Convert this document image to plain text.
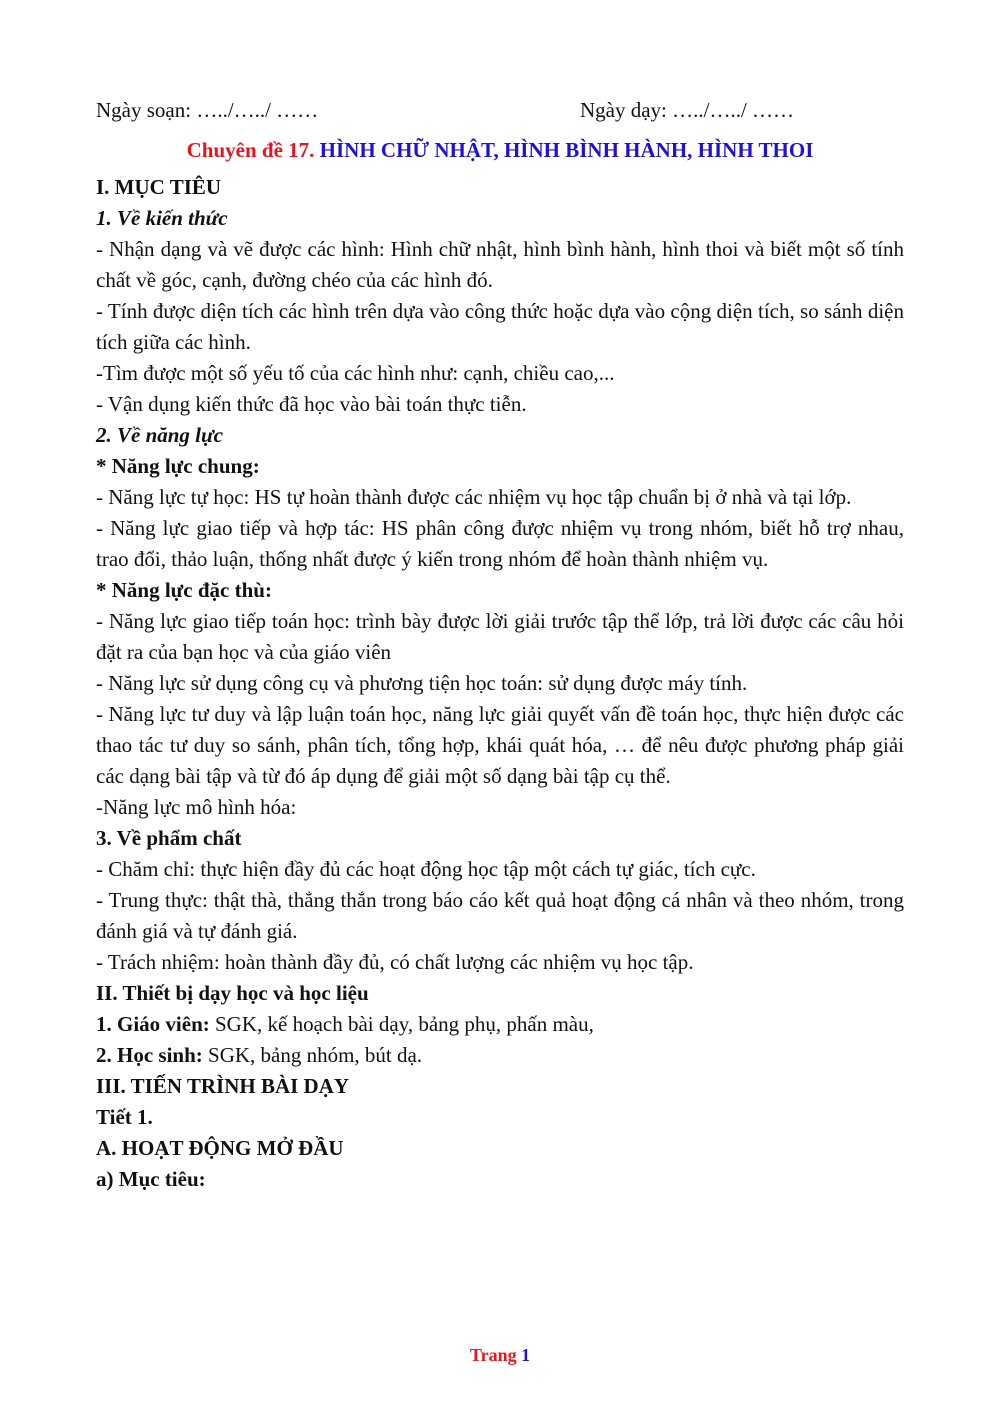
Ngày soạn: …../…../ ……	Ngày dạy: …../…../ ……
Chuyên đề 17. HÌNH CHỮ NHẬT, HÌNH BÌNH HÀNH, HÌNH THOI

I. MỤC TIÊU

1. Về kiến thức

- Nhận dạng và vẽ được các hình: Hình chữ nhật, hình bình hành, hình thoi và biết một số tính chất về góc, cạnh, đường chéo của các hình đó.

- Tính được diện tích các hình trên dựa vào công thức hoặc dựa vào cộng diện tích, so sánh diện tích giữa các hình.

-Tìm được một số yếu tố của các hình như: cạnh, chiều cao,...

- Vận dụng kiến thức đã học vào bài toán thực tiễn.

2. Về năng lực

* Năng lực chung:

- Năng lực tự học: HS tự hoàn thành được các nhiệm vụ học tập chuẩn bị ở nhà và tại lớp.

- Năng lực giao tiếp và hợp tác: HS phân công được nhiệm vụ trong nhóm, biết hỗ trợ nhau, trao đổi, thảo luận, thống nhất được ý kiến trong nhóm để hoàn thành nhiệm vụ.

* Năng lực đặc thù:

- Năng lực giao tiếp toán học: trình bày được lời giải trước tập thể lớp, trả lời được các câu hỏi đặt ra của bạn học và của giáo viên

- Năng lực sử dụng công cụ và phương tiện học toán: sử dụng được máy tính.

- Năng lực tư duy và lập luận toán học, năng lực giải quyết vấn đề toán học, thực hiện được các thao tác tư duy so sánh, phân tích, tổng hợp, khái quát hóa, … để nêu được phương pháp giải các dạng bài tập và từ đó áp dụng để giải một số dạng bài tập cụ thể.

-Năng lực mô hình hóa:

3. Về phẩm chất

- Chăm chỉ: thực hiện đầy đủ các hoạt động học tập một cách tự giác, tích cực.

- Trung thực: thật thà, thẳng thắn trong báo cáo kết quả hoạt động cá nhân và theo nhóm, trong đánh giá và tự đánh giá.

- Trách nhiệm: hoàn thành đầy đủ, có chất lượng các nhiệm vụ học tập.

II. Thiết bị dạy học và học liệu

1. Giáo viên: SGK, kế hoạch bài dạy, bảng phụ, phấn màu,

2. Học sinh: SGK, bảng nhóm, bút dạ.

III. TIẾN TRÌNH BÀI DẠY

Tiết 1.

A. HOẠT ĐỘNG MỞ ĐẦU

a) Mục tiêu:

Trang 1
